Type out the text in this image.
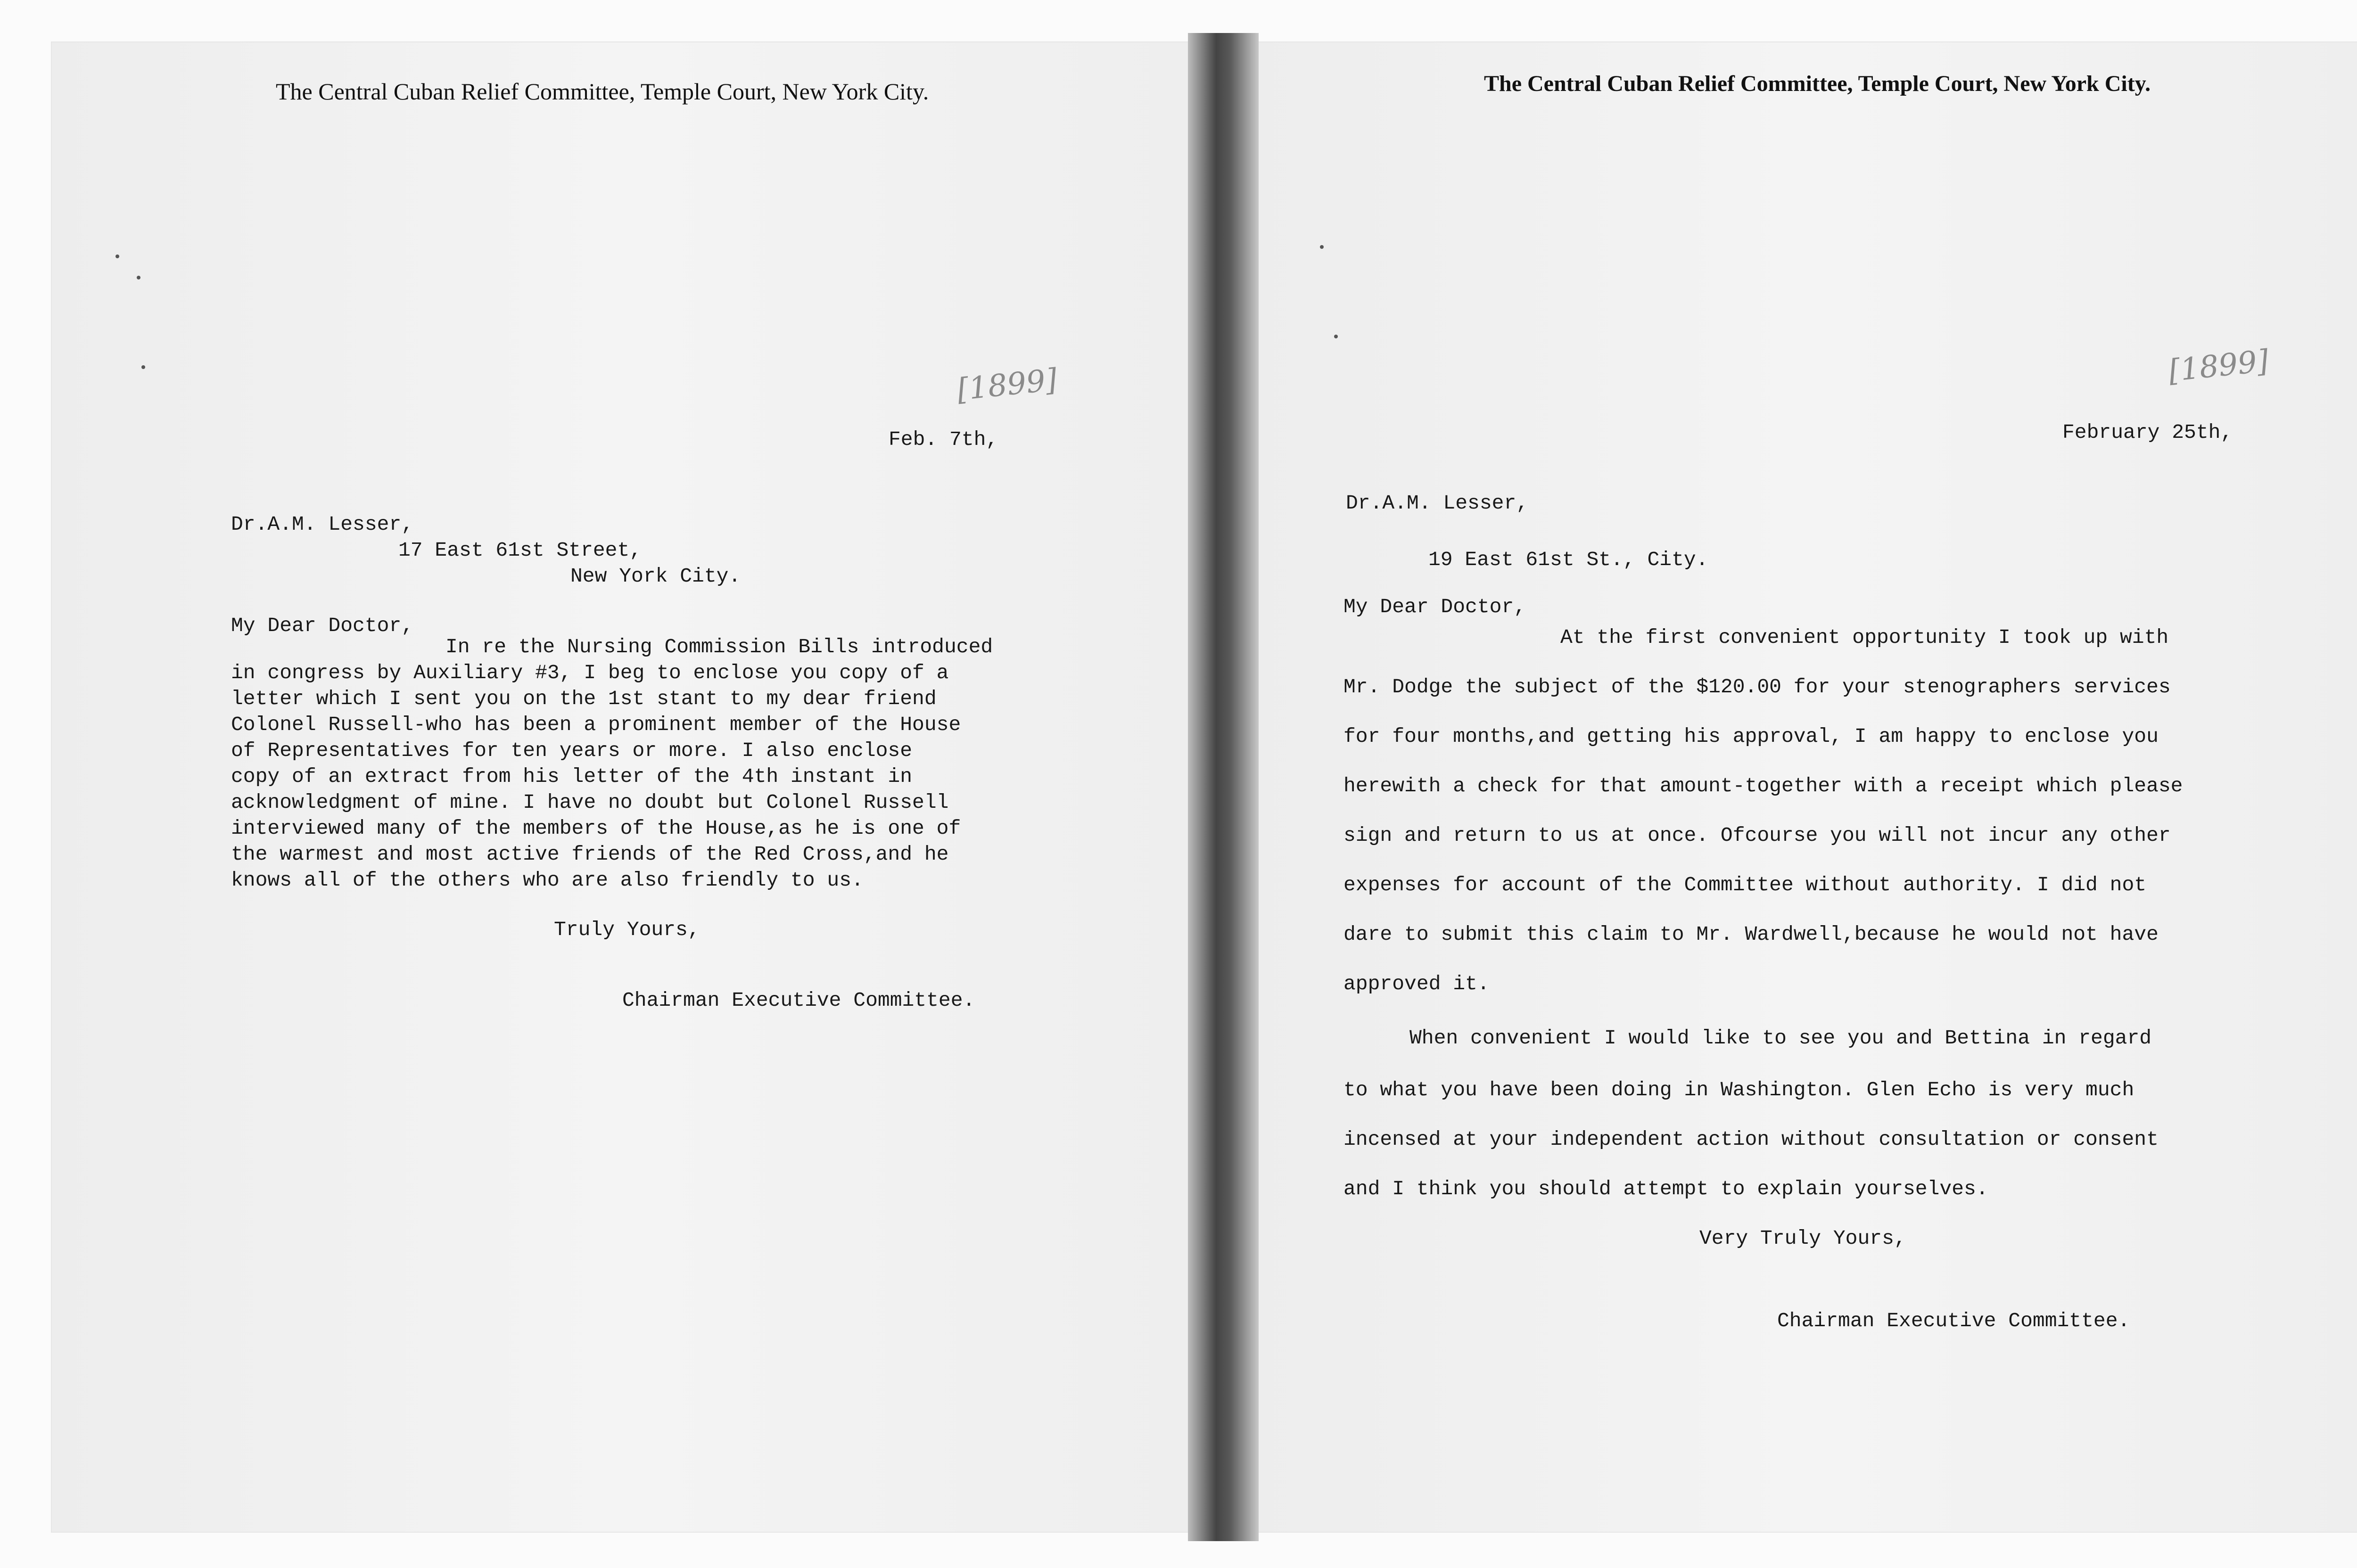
The Central Cuban Relief Committee, Temple Court, New York City.
[1899]
Feb. 7th,
Dr.A.M. Lesser,
17 East 61st Street,
New York City.
My Dear Doctor,
In re the Nursing Commission Bills introduced
in congress by Auxiliary #3, I beg to enclose you copy of a
letter which I sent you on the 1st stant to my dear friend
Colonel Russell-who has been a prominent member of the House
of Representatives for ten years or more. I also enclose
copy of an extract from his letter of the 4th instant in
acknowledgment of mine. I have no doubt but Colonel Russell
interviewed many of the members of the House,as he is one of
the warmest and most active friends of the Red Cross,and he
knows all of the others who are also friendly to us.
Truly Yours,
Chairman Executive Committee.
The Central Cuban Relief Committee, Temple Court, New York City.
[1899]
February 25th,
Dr.A.M. Lesser,
19 East 61st St., City.
My Dear Doctor,
At the first convenient opportunity I took up with
Mr. Dodge the subject of the $120.00 for your stenographers services
for four months,and getting his approval, I am happy to enclose you
herewith a check for that amount-together with a receipt which please
sign and return to us at once. Ofcourse you will not incur any other
expenses for account of the Committee without authority. I did not
dare to submit this claim to Mr. Wardwell,because he would not have
approved it.
When convenient I would like to see you and Bettina in regard
to what you have been doing in Washington. Glen Echo is very much
incensed at your independent action without consultation or consent
and I think you should attempt to explain yourselves.
Very Truly Yours,
Chairman Executive Committee.
